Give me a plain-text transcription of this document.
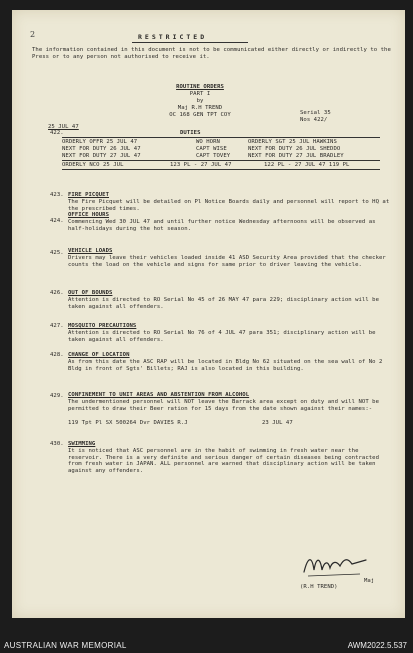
2	RESTRICTED
The information contained in this document is not to be communicated either directly or indirectly to the Press or to any person not authorised to receive it.
ROUTINE ORDERS
PART I
by
Maj R.H TREND
OC 168 GEN TPT COY	Serial 35
Nos 422/
25 JUL 47
422.	DUTIES
ORDERLY OFFR 25 JUL 47	WO HORN	ORDERLY SGT 25 JUL HAWKINS
NEXT FOR DUTY 26 JUL 47	CAPT WISE	NEXT FOR DUTY 26 JUL SHEDDO
NEXT FOR DUTY 27 JUL 47	CAPT TOVEY	NEXT FOR DUTY 27 JUL BRADLEY
ORDERLY NCO 25 JUL	123 PL - 27 JUL 47	122 PL - 27 JUL 47 119 PL
423. FIRE PICQUET
The Fire Picquet will be detailed on Pl Notice Boards daily and personnel will report to HQ at the prescribed times.
424.
OFFICE HOURS
Commencing Wed 30 JUL 47 and until further notice Wednesday afternoons will be observed as half-holidays during the hot season.
425. VEHICLE LOADS
Drivers may leave their vehicles loaded inside 41 ASD Security Area provided that the checker counts the load on the vehicle and signs for same prior to driver leaving the vehicle.
426. OUT OF BOUNDS
Attention is directed to RO Serial No 45 of 26 MAY 47 para 229; disciplinary action will be taken against all offenders.
427. MOSQUITO PRECAUTIONS
Attention is directed to RO Serial No 76 of 4 JUL 47 para 351; disciplinary action will be taken against all offenders.
428. CHANGE OF LOCATION
As from this date the ASC RAP will be located in Bldg No 62 situated on the sea wall of No 2 Bldg in front of Sgts' Billets; RAJ is also located in this building.
429. CONFINEMENT TO UNIT AREAS AND ABSTENTION FROM ALCOHOL
The undermentioned personnel will NOT leave the Barrack area except on duty and will NOT be permitted to draw their Beer ration for 15 days from the date shown against their names:-
119 Tpt Pl SX 500264 Dvr DAVIES R.J	23 JUL 47
430. SWIMMING
It is noticed that ASC personnel are in the habit of swimming in fresh water near the reservoir. There is a very definite and serious danger of certain diseases being contracted from fresh water in JAPAN. ALL personnel are warned that disciplinary action will be taken against any offenders.
(R.H TREND)
Maj
AUSTRALIAN WAR MEMORIAL	AWM2022.5.537
